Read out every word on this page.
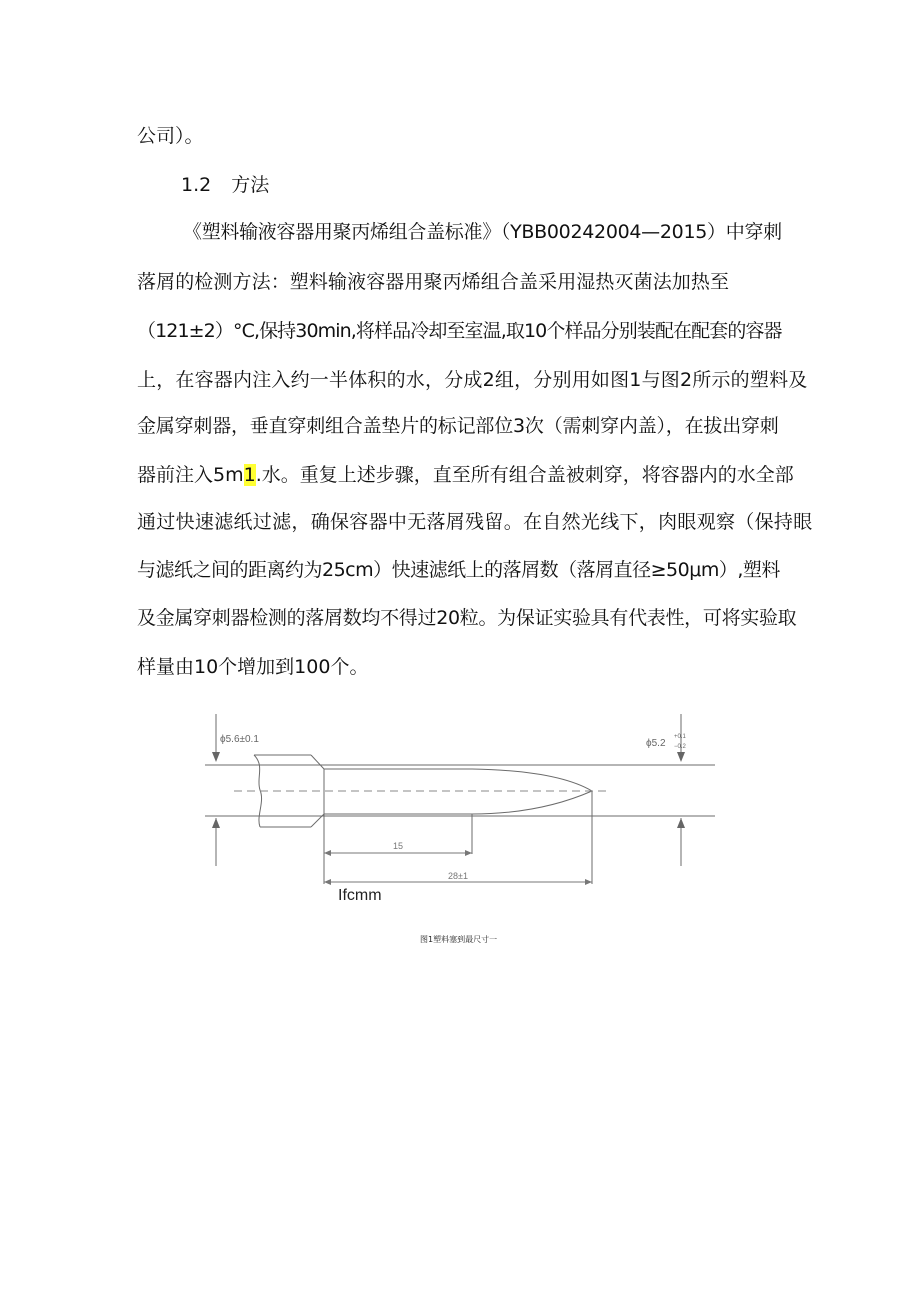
公司）。
1.2 方法
《塑料输液容器用聚丙烯组合盖标准》（YBB00242004—2015）中穿刺
落屑的检测方法：塑料输液容器用聚丙烯组合盖采用湿热灭菌法加热至
（121±2）°C,保持30min,将样品冷却至室温,取10个样品分别装配在配套的容器
上，在容器内注入约一半体积的水，分成2组，分别用如图1与图2所示的塑料及
金属穿刺器，垂直穿刺组合盖垫片的标记部位3次（需刺穿内盖），在拔出穿刺
器前注入5m1.水。重复上述步骤，直至所有组合盖被刺穿，将容器内的水全部
通过快速滤纸过滤，确保容器中无落屑残留。在自然光线下，肉眼观察（保持眼
与滤纸之间的距离约为25cm）快速滤纸上的落屑数（落屑直径≥50μm）,塑料
及金属穿刺器检测的落屑数均不得过20粒。为保证实验具有代表性，可将实验取
样量由10个增加到100个。
ϕ5.6±0.1	ϕ5.2
+0.1
−0.2
15
28±1
Ifcmm
图1塑料塞到最尺寸一
